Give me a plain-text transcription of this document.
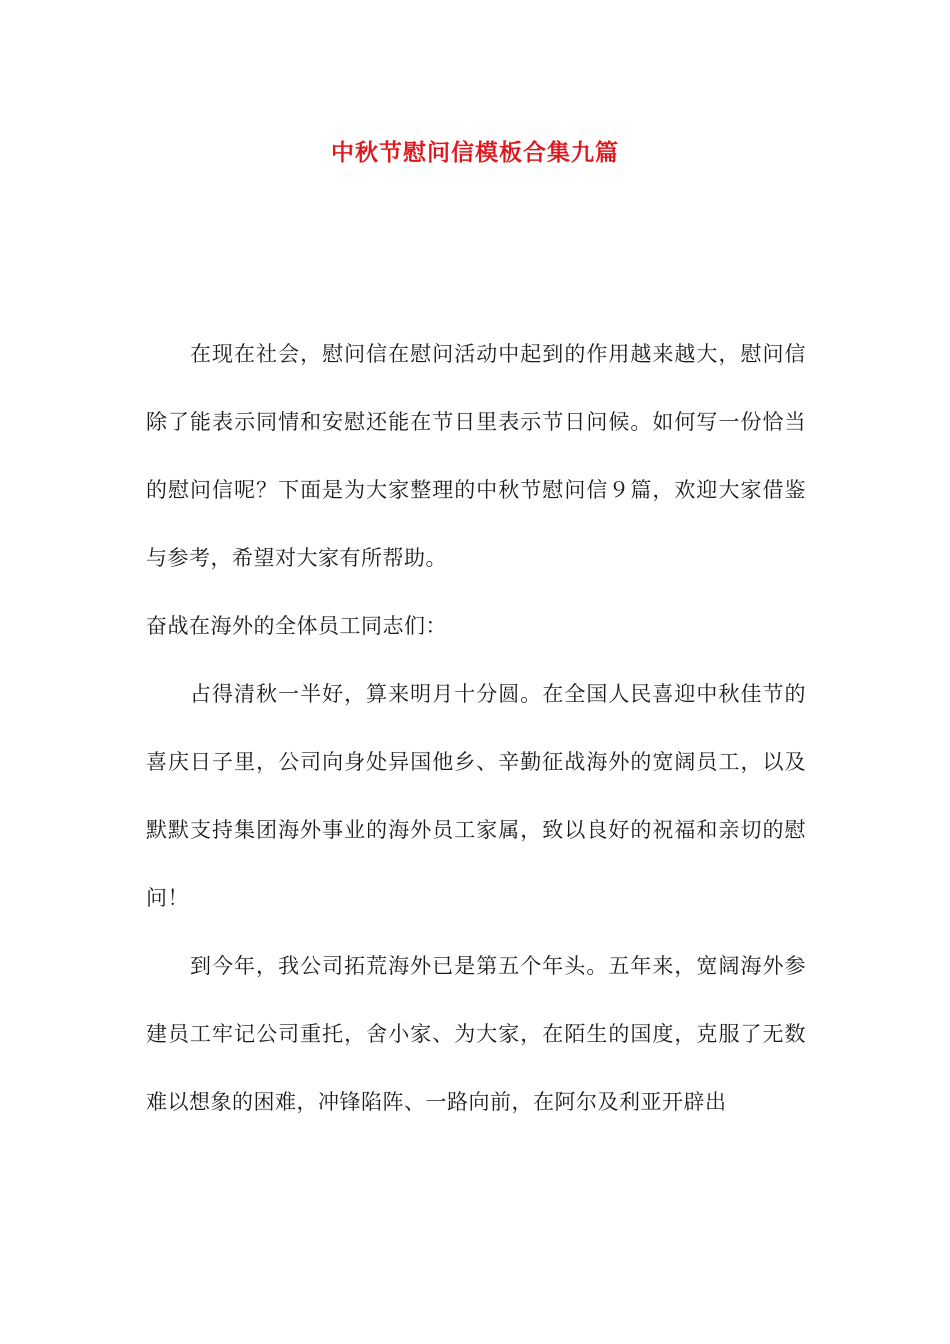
中秋节慰问信模板合集九篇

在现在社会，慰问信在慰问活动中起到的作用越来越大，慰问信除了能表示同情和安慰还能在节日里表示节日问候。如何写一份恰当的慰问信呢？下面是为大家整理的中秋节慰问信９篇，欢迎大家借鉴与参考，希望对大家有所帮助。

奋战在海外的全体员工同志们：

占得清秋一半好，算来明月十分圆。在全国人民喜迎中秋佳节的喜庆日子里，公司向身处异国他乡、辛勤征战海外的宽阔员工，以及默默支持集团海外事业的海外员工家属，致以良好的祝福和亲切的慰问！

到今年，我公司拓荒海外已是第五个年头。五年来，宽阔海外参建员工牢记公司重托，舍小家、为大家，在陌生的国度，克服了无数难以想象的困难，冲锋陷阵、一路向前，在阿尔及利亚开辟出
